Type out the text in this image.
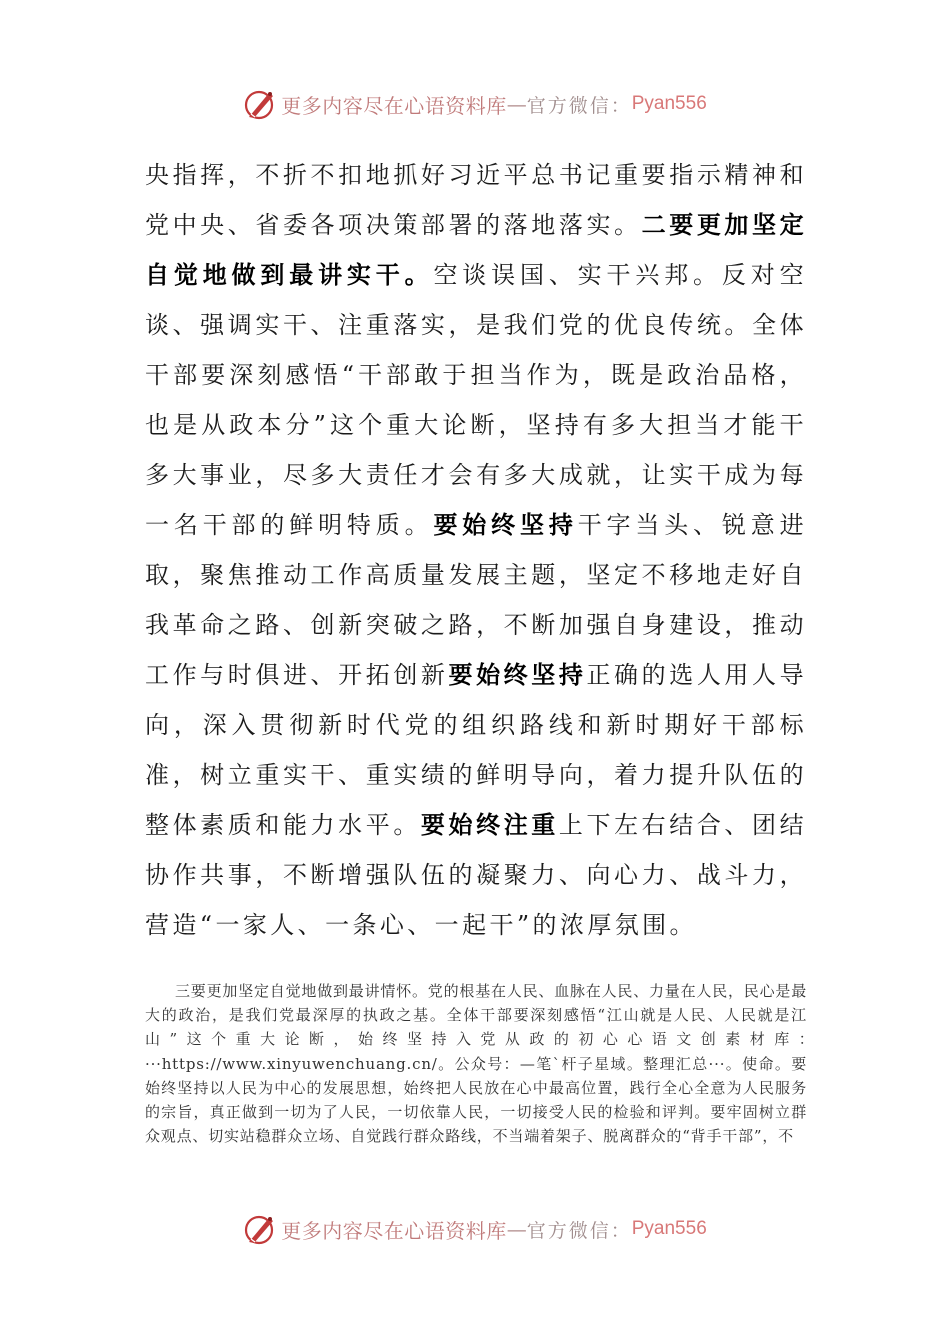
更多内容尽在心语资料库 — 官方微信： Pyan556

央指挥，不折不扣地抓好习近平总书记重要指示精神和党中央、省委各项决策部署的落地落实。二要更加坚定自觉地做到最讲实干。空谈误国、实干兴邦。反对空谈、强调实干、注重落实，是我们党的优良传统。全体干部要深刻感悟“干部敢于担当作为，既是政治品格，也是从政本分”这个重大论断，坚持有多大担当才能干多大事业，尽多大责任才会有多大成就，让实干成为每一名干部的鲜明特质。要始终坚持干字当头、锐意进取，聚焦推动工作高质量发展主题，坚定不移地走好自我革命之路、创新突破之路，不断加强自身建设，推动工作与时俱进、开拓创新要始终坚持正确的选人用人导向，深入贯彻新时代党的组织路线和新时期好干部标准，树立重实干、重实绩的鲜明导向，着力提升队伍的整体素质和能力水平。要始终注重上下左右结合、团结协作共事，不断增强队伍的凝聚力、向心力、战斗力，营造“一家人、一条心、一起干”的浓厚氛围。

三要更加坚定自觉地做到最讲情怀。党的根基在人民、血脉在人民、力量在人民，民心是最大的政治，是我们党最深厚的执政之基。全体干部要深刻感悟“江山就是人民、人民就是江山”这个重大论断，始终坚持入党从政的初心心语文创素材库：···https://www.xinyuwenchuang.cn/。公众号：—笔`杆子星域。整理汇总···。使命。要始终坚持以人民为中心的发展思想，始终把人民放在心中最高位置，践行全心全意为人民服务的宗旨，真正做到一切为了人民，一切依靠人民，一切接受人民的检验和评判。要牢固树立群众观点、切实站稳群众立场、自觉践行群众路线，不当端着架子、脱离群众的“背手干部”，不

更多内容尽在心语资料库 — 官方微信： Pyan556
